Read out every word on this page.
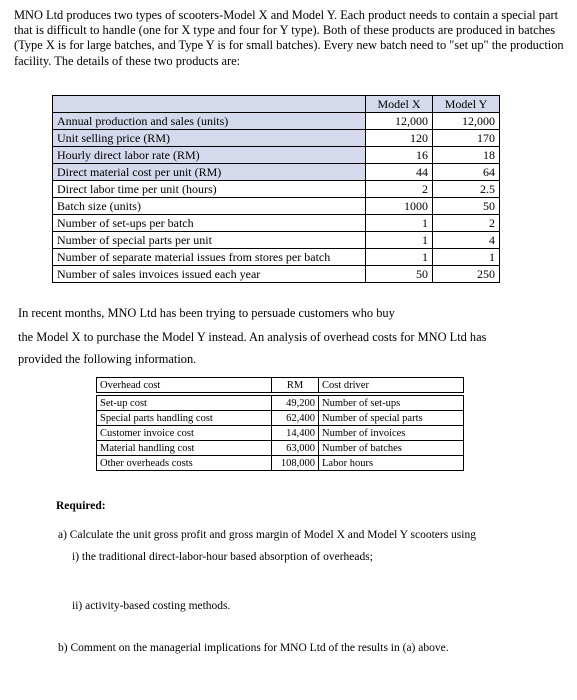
MNO Ltd produces two types of scooters-Model X and Model Y. Each product needs to contain a special part that is difficult to handle (one for X type and four for Y type). Both of these products are produced in batches (Type X is for large batches, and Type Y is for small batches). Every new batch need to "set up" the production facility. The details of these two products are:

	Model X	Model Y
Annual production and sales (units)	12,000	12,000
Unit selling price (RM)	120	170
Hourly direct labor rate (RM)	16	18
Direct material cost per unit (RM)	44	64
Direct labor time per unit (hours)	2	2.5
Batch size (units)	1000	50
Number of set-ups per batch	1	2
Number of special parts per unit	1	4
Number of separate material issues from stores per batch	1	1
Number of sales invoices issued each year	50	250

In recent months, MNO Ltd has been trying to persuade customers who buy

the Model X to purchase the Model Y instead. An analysis of overhead costs for MNO Ltd has

provided the following information.

Overhead cost	RM	Cost driver

Set-up cost	49,200	Number of set-ups
Special parts handling cost	62,400	Number of special parts
Customer invoice cost	14,400	Number of invoices
Material handling cost	63,000	Number of batches
Other overheads costs	108,000	Labor hours

Required:

a) Calculate the unit gross profit and gross margin of Model X and Model Y scooters using

i) the traditional direct-labor-hour based absorption of overheads;

ii) activity-based costing methods.

b) Comment on the managerial implications for MNO Ltd of the results in (a) above.
